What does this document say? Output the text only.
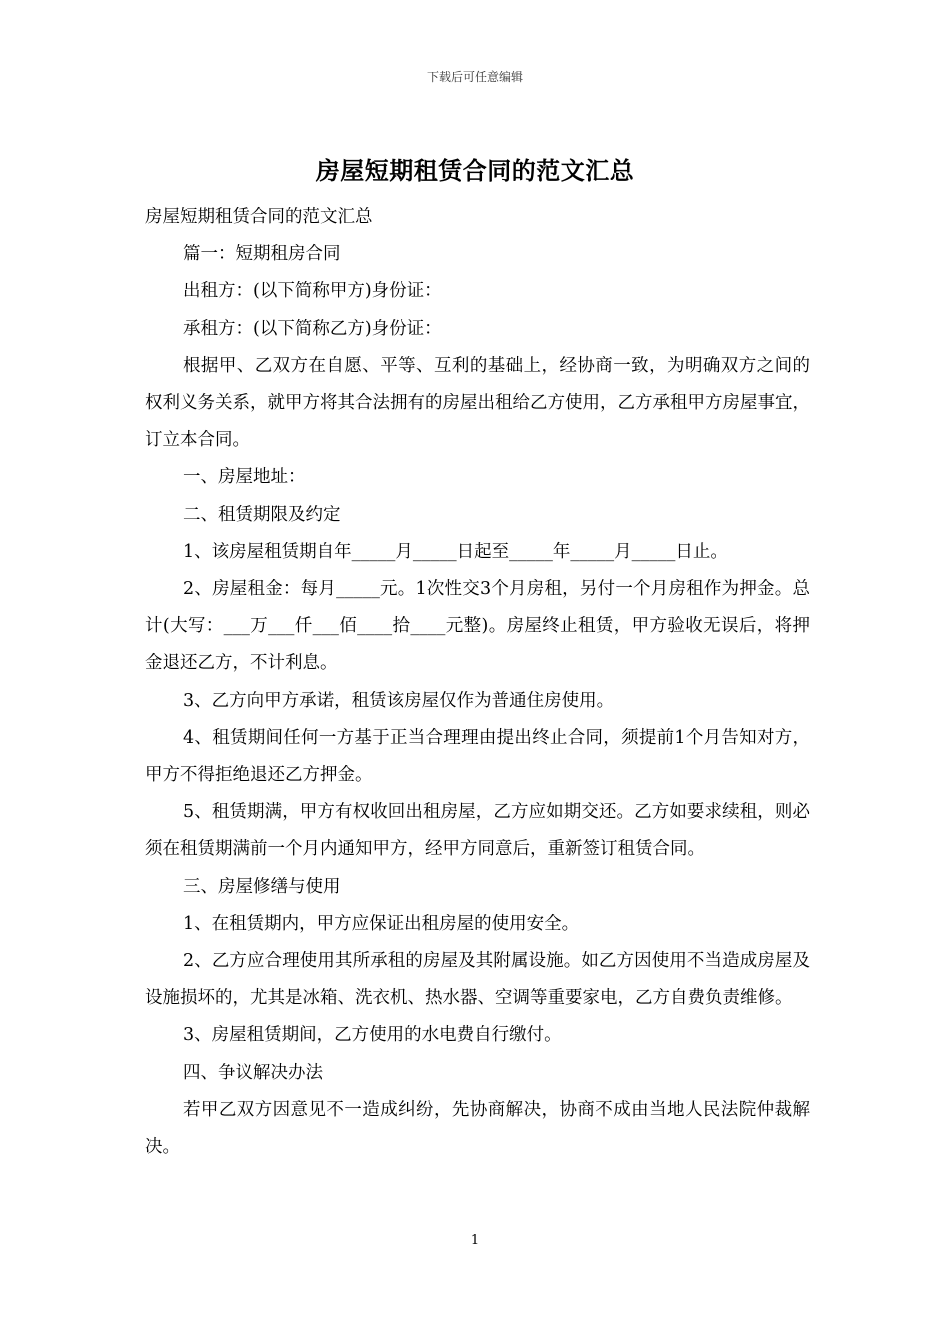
下载后可任意编辑
房屋短期租赁合同的范文汇总

房屋短期租赁合同的范文汇总

篇一：短期租房合同

出租方：(以下简称甲方)身份证：

承租方：(以下简称乙方)身份证：

根据甲、乙双方在自愿、平等、互利的基础上，经协商一致，为明确双方之间的权利义务关系，就甲方将其合法拥有的房屋出租给乙方使用，乙方承租甲方房屋事宜，订立本合同。

一、房屋地址：

二、租赁期限及约定

1、该房屋租赁期自年_____月_____日起至_____年_____月_____日止。

2、房屋租金：每月_____元。1次性交3个月房租，另付一个月房租作为押金。总计(大写：___万___仟___佰____拾____元整)。房屋终止租赁，甲方验收无误后，将押金退还乙方，不计利息。

3、乙方向甲方承诺，租赁该房屋仅作为普通住房使用。

4、租赁期间任何一方基于正当合理理由提出终止合同，须提前1个月告知对方，甲方不得拒绝退还乙方押金。

5、租赁期满，甲方有权收回出租房屋，乙方应如期交还。乙方如要求续租，则必须在租赁期满前一个月内通知甲方，经甲方同意后，重新签订租赁合同。

三、房屋修缮与使用

1、在租赁期内，甲方应保证出租房屋的使用安全。

2、乙方应合理使用其所承租的房屋及其附属设施。如乙方因使用不当造成房屋及设施损坏的，尤其是冰箱、洗衣机、热水器、空调等重要家电，乙方自费负责维修。

3、房屋租赁期间，乙方使用的水电费自行缴付。

四、争议解决办法

若甲乙双方因意见不一造成纠纷，先协商解决，协商不成由当地人民法院仲裁解决。

1
